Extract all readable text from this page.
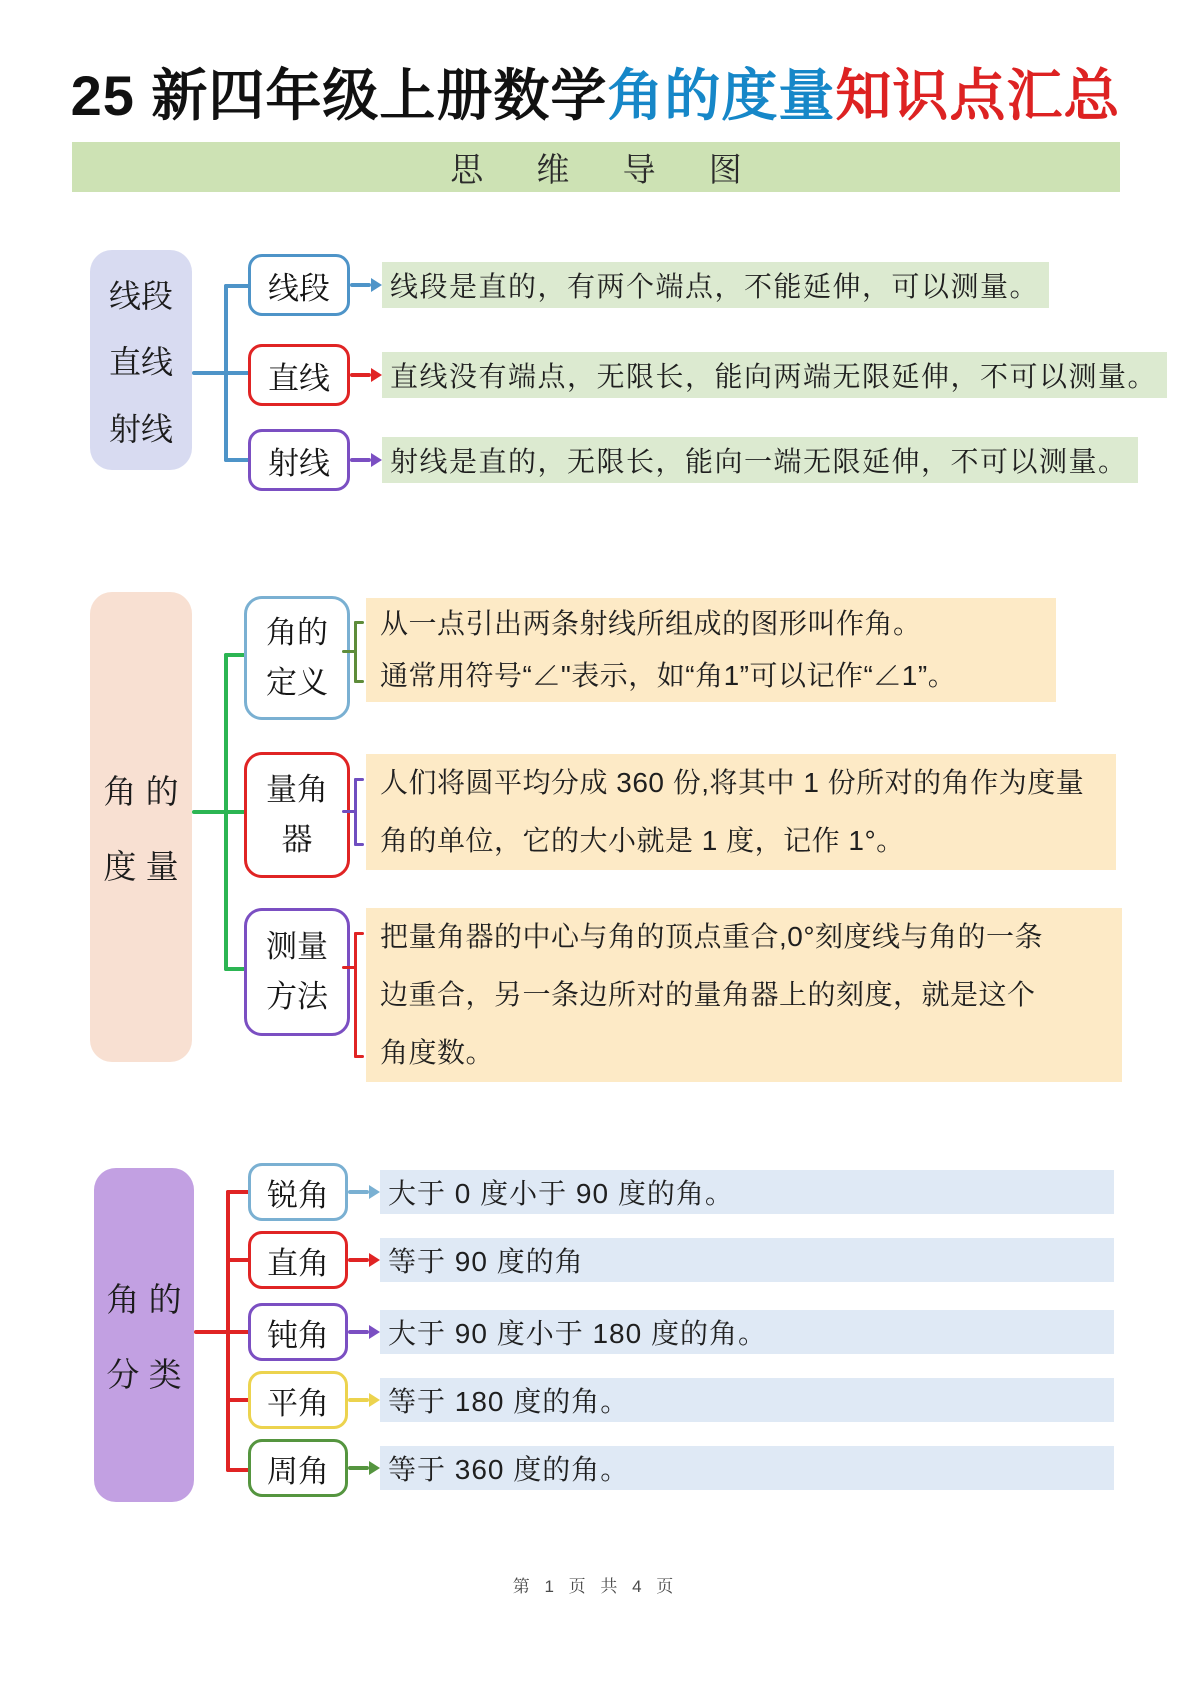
25 新四年级上册数学角的度量知识点汇总
思 维 导 图
线段
直线
射线
线段	线段是直的，有两个端点，不能延伸，可以测量。
直线	直线没有端点，无限长，能向两端无限延伸，不可以测量。
射线	射线是直的，无限长，能向一端无限延伸，不可以测量。
角 的
度 量
角的
定义
从一点引出两条射线所组成的图形叫作角。
通常用符号“∠"表示，如“角1”可以记作“∠1”。
量角
器
人们将圆平均分成 360 份,将其中 1 份所对的角作为度量
角的单位，它的大小就是 1 度，记作 1°。
测量
方法
把量角器的中心与角的顶点重合,0°刻度线与角的一条
边重合，另一条边所对的量角器上的刻度，就是这个
角度数。
角 的
分 类
锐角	大于 0 度小于 90 度的角。
直角	等于 90 度的角
钝角	大于 90 度小于 180 度的角。
平角	等于 180 度的角。
周角	等于 360 度的角。
第 1 页 共 4 页
